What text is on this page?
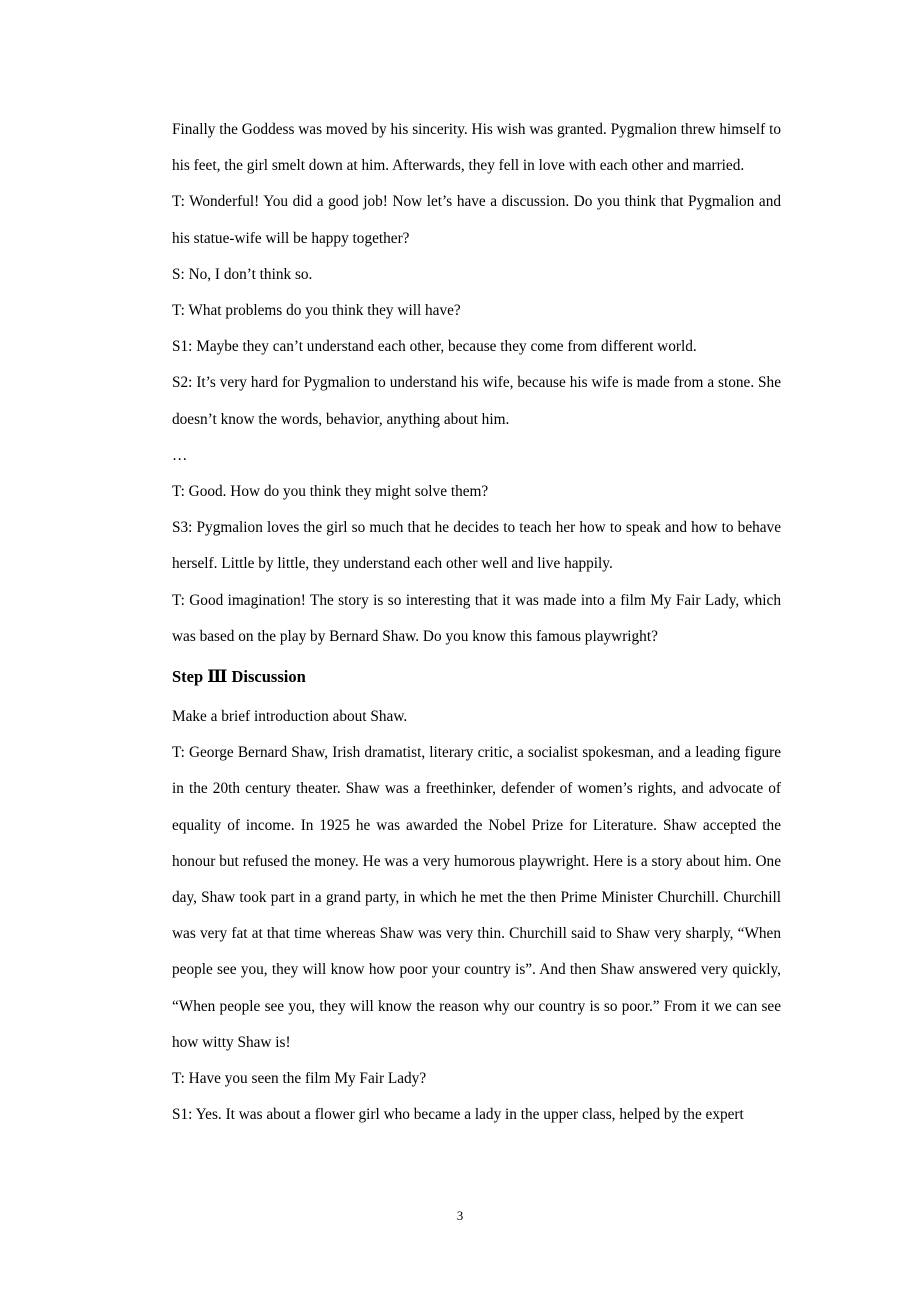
Finally the Goddess was moved by his sincerity. His wish was granted. Pygmalion threw himself to his feet, the girl smelt down at him. Afterwards, they fell in love with each other and married.

T: Wonderful! You did a good job! Now let’s have a discussion. Do you think that Pygmalion and his statue-wife will be happy together?

S: No, I don’t think so.

T: What problems do you think they will have?

S1: Maybe they can’t understand each other, because they come from different world.

S2: It’s very hard for Pygmalion to understand his wife, because his wife is made from a stone. She doesn’t know the words, behavior, anything about him.

…

T: Good. How do you think they might solve them?

S3: Pygmalion loves the girl so much that he decides to teach her how to speak and how to behave herself. Little by little, they understand each other well and live happily.

T: Good imagination! The story is so interesting that it was made into a film My Fair Lady, which was based on the play by Bernard Shaw. Do you know this famous playwright?

Step Ⅲ Discussion

Make a brief introduction about Shaw.

T: George Bernard Shaw, Irish dramatist, literary critic, a socialist spokesman, and a leading figure in the 20th century theater. Shaw was a freethinker, defender of women’s rights, and advocate of equality of income. In 1925 he was awarded the Nobel Prize for Literature. Shaw accepted the honour but refused the money. He was a very humorous playwright. Here is a story about him. One day, Shaw took part in a grand party, in which he met the then Prime Minister Churchill. Churchill was very fat at that time whereas Shaw was very thin. Churchill said to Shaw very sharply, “When people see you, they will know how poor your country is”. And then Shaw answered very quickly, “When people see you, they will know the reason why our country is so poor.” From it we can see how witty Shaw is!

T: Have you seen the film My Fair Lady?

S1: Yes. It was about a flower girl who became a lady in the upper class, helped by the expert

3
